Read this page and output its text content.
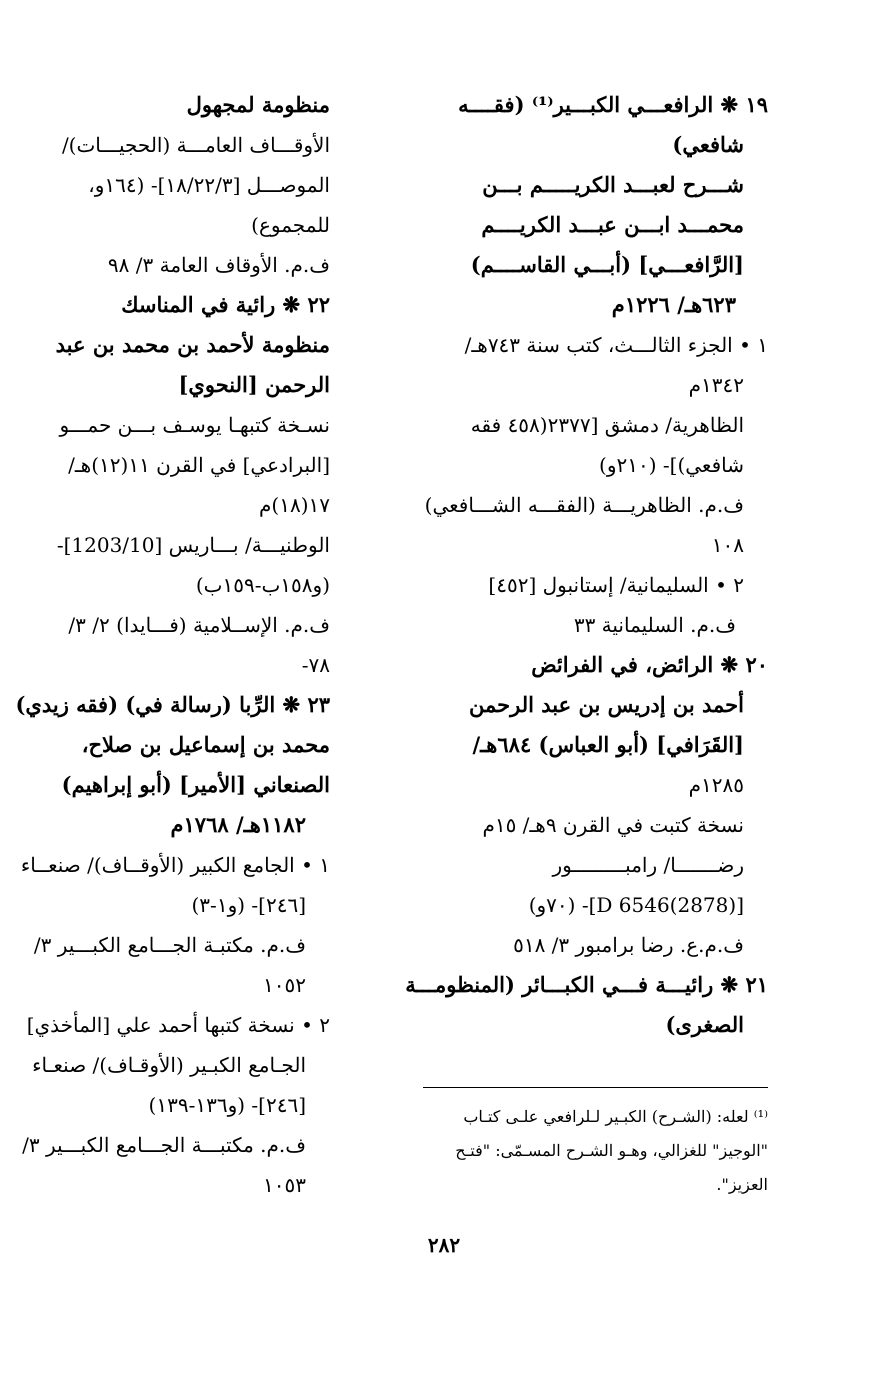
١٩ ❋ الرافعـــي الكبـــير⁽¹⁾ (فقــــه
شافعي)
شـــرح لعبـــد الكريـــــم بـــن
محمـــد ابـــن عبـــد الكريــــم
[الرَّافعـــي] (أبـــي القاســــم)
٦٢٣هـ/ ١٢٢٦م
١ • الجزء الثالـــث، كتب سنة ٧٤٣هـ/
١٣٤٢م
الظاهرية/ دمشق [٢٣٧٧(٤٥٨ فقه
شافعي)]- (٢١٠و)
ف.م. الظاهريـــة (الفقـــه الشـــافعي)
١٠٨
٢ • السليمانية/ إستانبول [٤٥٢]
ف.م. السليمانية ٣٣
٢٠ ❋ الرائض، في الفرائض
أحمد بن إدريس بن عبد الرحمن
[القَرَافي] (أبو العباس) ٦٨٤هـ/
١٢٨٥م
نسخة كتبت في القرن ٩هـ/ ١٥م
رضـــــــا/ رامبـــــــــور
[D 6546(2878)]- (٧٠و)
ف.م.ع. رضا برامبور ٣/ ٥١٨
٢١ ❋ رائيـــة فـــي الكبـــائر (المنظومـــة
الصغرى)
منظومة لمجهول
الأوقـــاف العامـــة (الحجيـــات)/
الموصـــل [١٨/٢٢/٣]- (١٦٤و،
للمجموع)
ف.م. الأوقاف العامة ٣/ ٩٨
٢٢ ❋ رائية في المناسك
منظومة لأحمد بن محمد بن عبد
الرحمن [النحوي]
نسـخة كتبهـا يوسـف بـــن حمـــو
[البرادعي] في القرن ١١(١٢)هـ/
١٧(١٨)م
الوطنيـــة/ بـــاريس [1203/10]-
(و١٥٨ب-١٥٩ب)
ف.م. الإســلامية (فـــايدا) ٢/ ٣/
٧٨-
٢٣ ❋ الرِّبا (رسالة في) (فقه زيدي)
محمد بن إسماعيل بن صلاح،
الصنعاني [الأمير] (أبو إبراهيم)
١١٨٢هـ/ ١٧٦٨م
١ • الجامع الكبير (الأوقــاف)/ صنعــاء
[٢٤٦]- (و١-٣)
ف.م. مكتبـة الجـــامع الكبـــير ٣/
١٠٥٢
٢ • نسخة كتبها أحمد علي [المأخذي]
الجـامع الكبـير (الأوقـاف)/ صنعـاء
[٢٤٦]- (و١٣٦-١٣٩)
ف.م. مكتبـــة الجـــامع الكبـــير ٣/
١٠٥٣
⁽¹⁾ لعله: (الشـرح) الكبـير لـلرافعي علـى كتـاب
"الوجيز" للغزالي، وهـو الشـرح المسـمّى: "فتـح
العزيز".
٢٨٢
